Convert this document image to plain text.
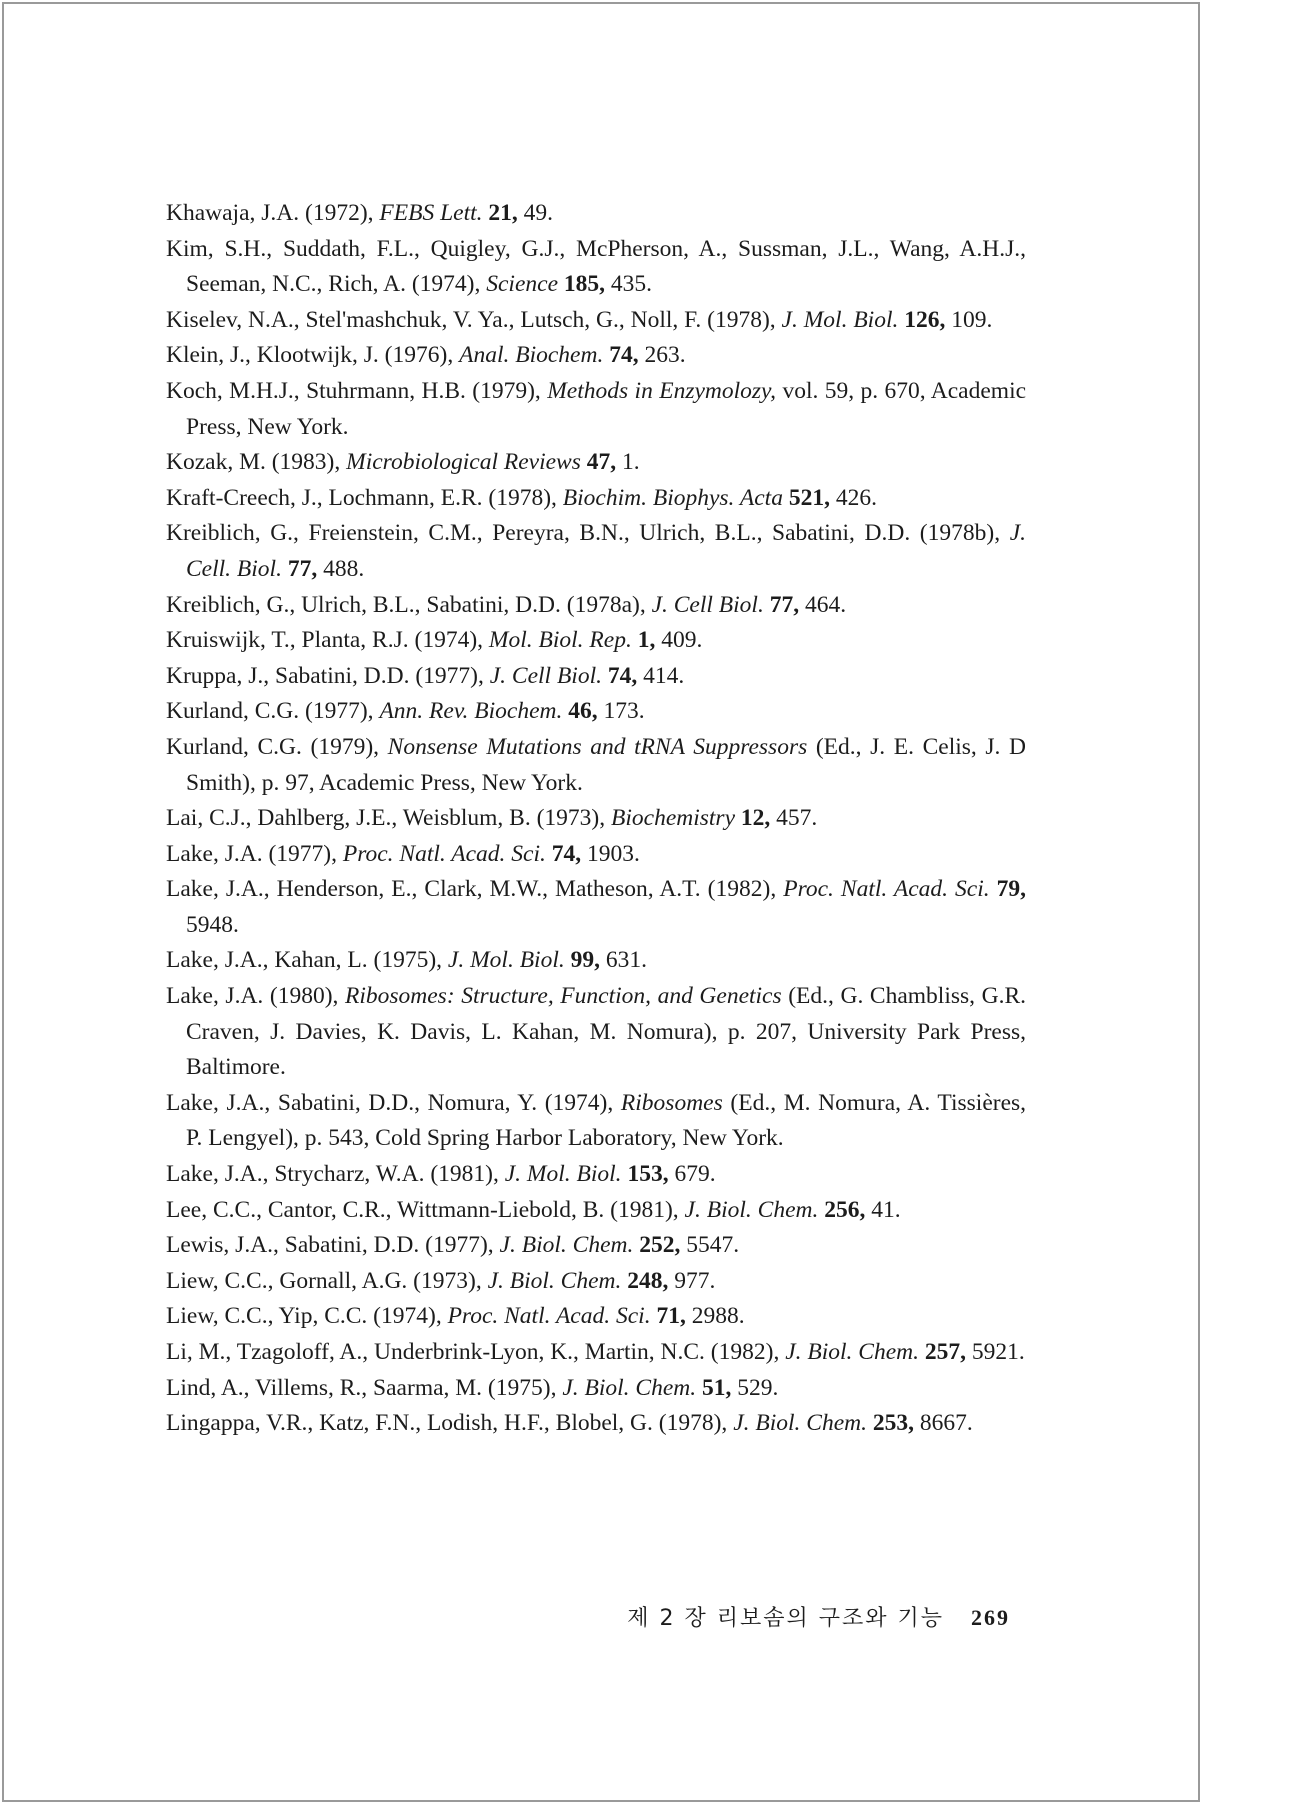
Khawaja, J.A. (1972), FEBS Lett. 21, 49.
Kim, S.H., Suddath, F.L., Quigley, G.J., McPherson, A., Sussman, J.L., Wang, A.H.J., Seeman, N.C., Rich, A. (1974), Science 185, 435.
Kiselev, N.A., Stel'mashchuk, V. Ya., Lutsch, G., Noll, F. (1978), J. Mol. Biol. 126, 109.
Klein, J., Klootwijk, J. (1976), Anal. Biochem. 74, 263.
Koch, M.H.J., Stuhrmann, H.B. (1979), Methods in Enzymolozy, vol. 59, p. 670, Academic Press, New York.
Kozak, M. (1983), Microbiological Reviews 47, 1.
Kraft-Creech, J., Lochmann, E.R. (1978), Biochim. Biophys. Acta 521, 426.
Kreiblich, G., Freienstein, C.M., Pereyra, B.N., Ulrich, B.L., Sabatini, D.D. (1978b), J. Cell. Biol. 77, 488.
Kreiblich, G., Ulrich, B.L., Sabatini, D.D. (1978a), J. Cell Biol. 77, 464.
Kruiswijk, T., Planta, R.J. (1974), Mol. Biol. Rep. 1, 409.
Kruppa, J., Sabatini, D.D. (1977), J. Cell Biol. 74, 414.
Kurland, C.G. (1977), Ann. Rev. Biochem. 46, 173.
Kurland, C.G. (1979), Nonsense Mutations and tRNA Suppressors (Ed., J. E. Celis, J. D Smith), p. 97, Academic Press, New York.
Lai, C.J., Dahlberg, J.E., Weisblum, B. (1973), Biochemistry 12, 457.
Lake, J.A. (1977), Proc. Natl. Acad. Sci. 74, 1903.
Lake, J.A., Henderson, E., Clark, M.W., Matheson, A.T. (1982), Proc. Natl. Acad. Sci. 79, 5948.
Lake, J.A., Kahan, L. (1975), J. Mol. Biol. 99, 631.
Lake, J.A. (1980), Ribosomes: Structure, Function, and Genetics (Ed., G. Chambliss, G.R. Craven, J. Davies, K. Davis, L. Kahan, M. Nomura), p. 207, University Park Press, Baltimore.
Lake, J.A., Sabatini, D.D., Nomura, Y. (1974), Ribosomes (Ed., M. Nomura, A. Tissières, P. Lengyel), p. 543, Cold Spring Harbor Laboratory, New York.
Lake, J.A., Strycharz, W.A. (1981), J. Mol. Biol. 153, 679.
Lee, C.C., Cantor, C.R., Wittmann-Liebold, B. (1981), J. Biol. Chem. 256, 41.
Lewis, J.A., Sabatini, D.D. (1977), J. Biol. Chem. 252, 5547.
Liew, C.C., Gornall, A.G. (1973), J. Biol. Chem. 248, 977.
Liew, C.C., Yip, C.C. (1974), Proc. Natl. Acad. Sci. 71, 2988.
Li, M., Tzagoloff, A., Underbrink-Lyon, K., Martin, N.C. (1982), J. Biol. Chem. 257, 5921.
Lind, A., Villems, R., Saarma, M. (1975), J. Biol. Chem. 51, 529.
Lingappa, V.R., Katz, F.N., Lodish, H.F., Blobel, G. (1978), J. Biol. Chem. 253, 8667.
제 2 장 리보솜의 구조와 기능 269
